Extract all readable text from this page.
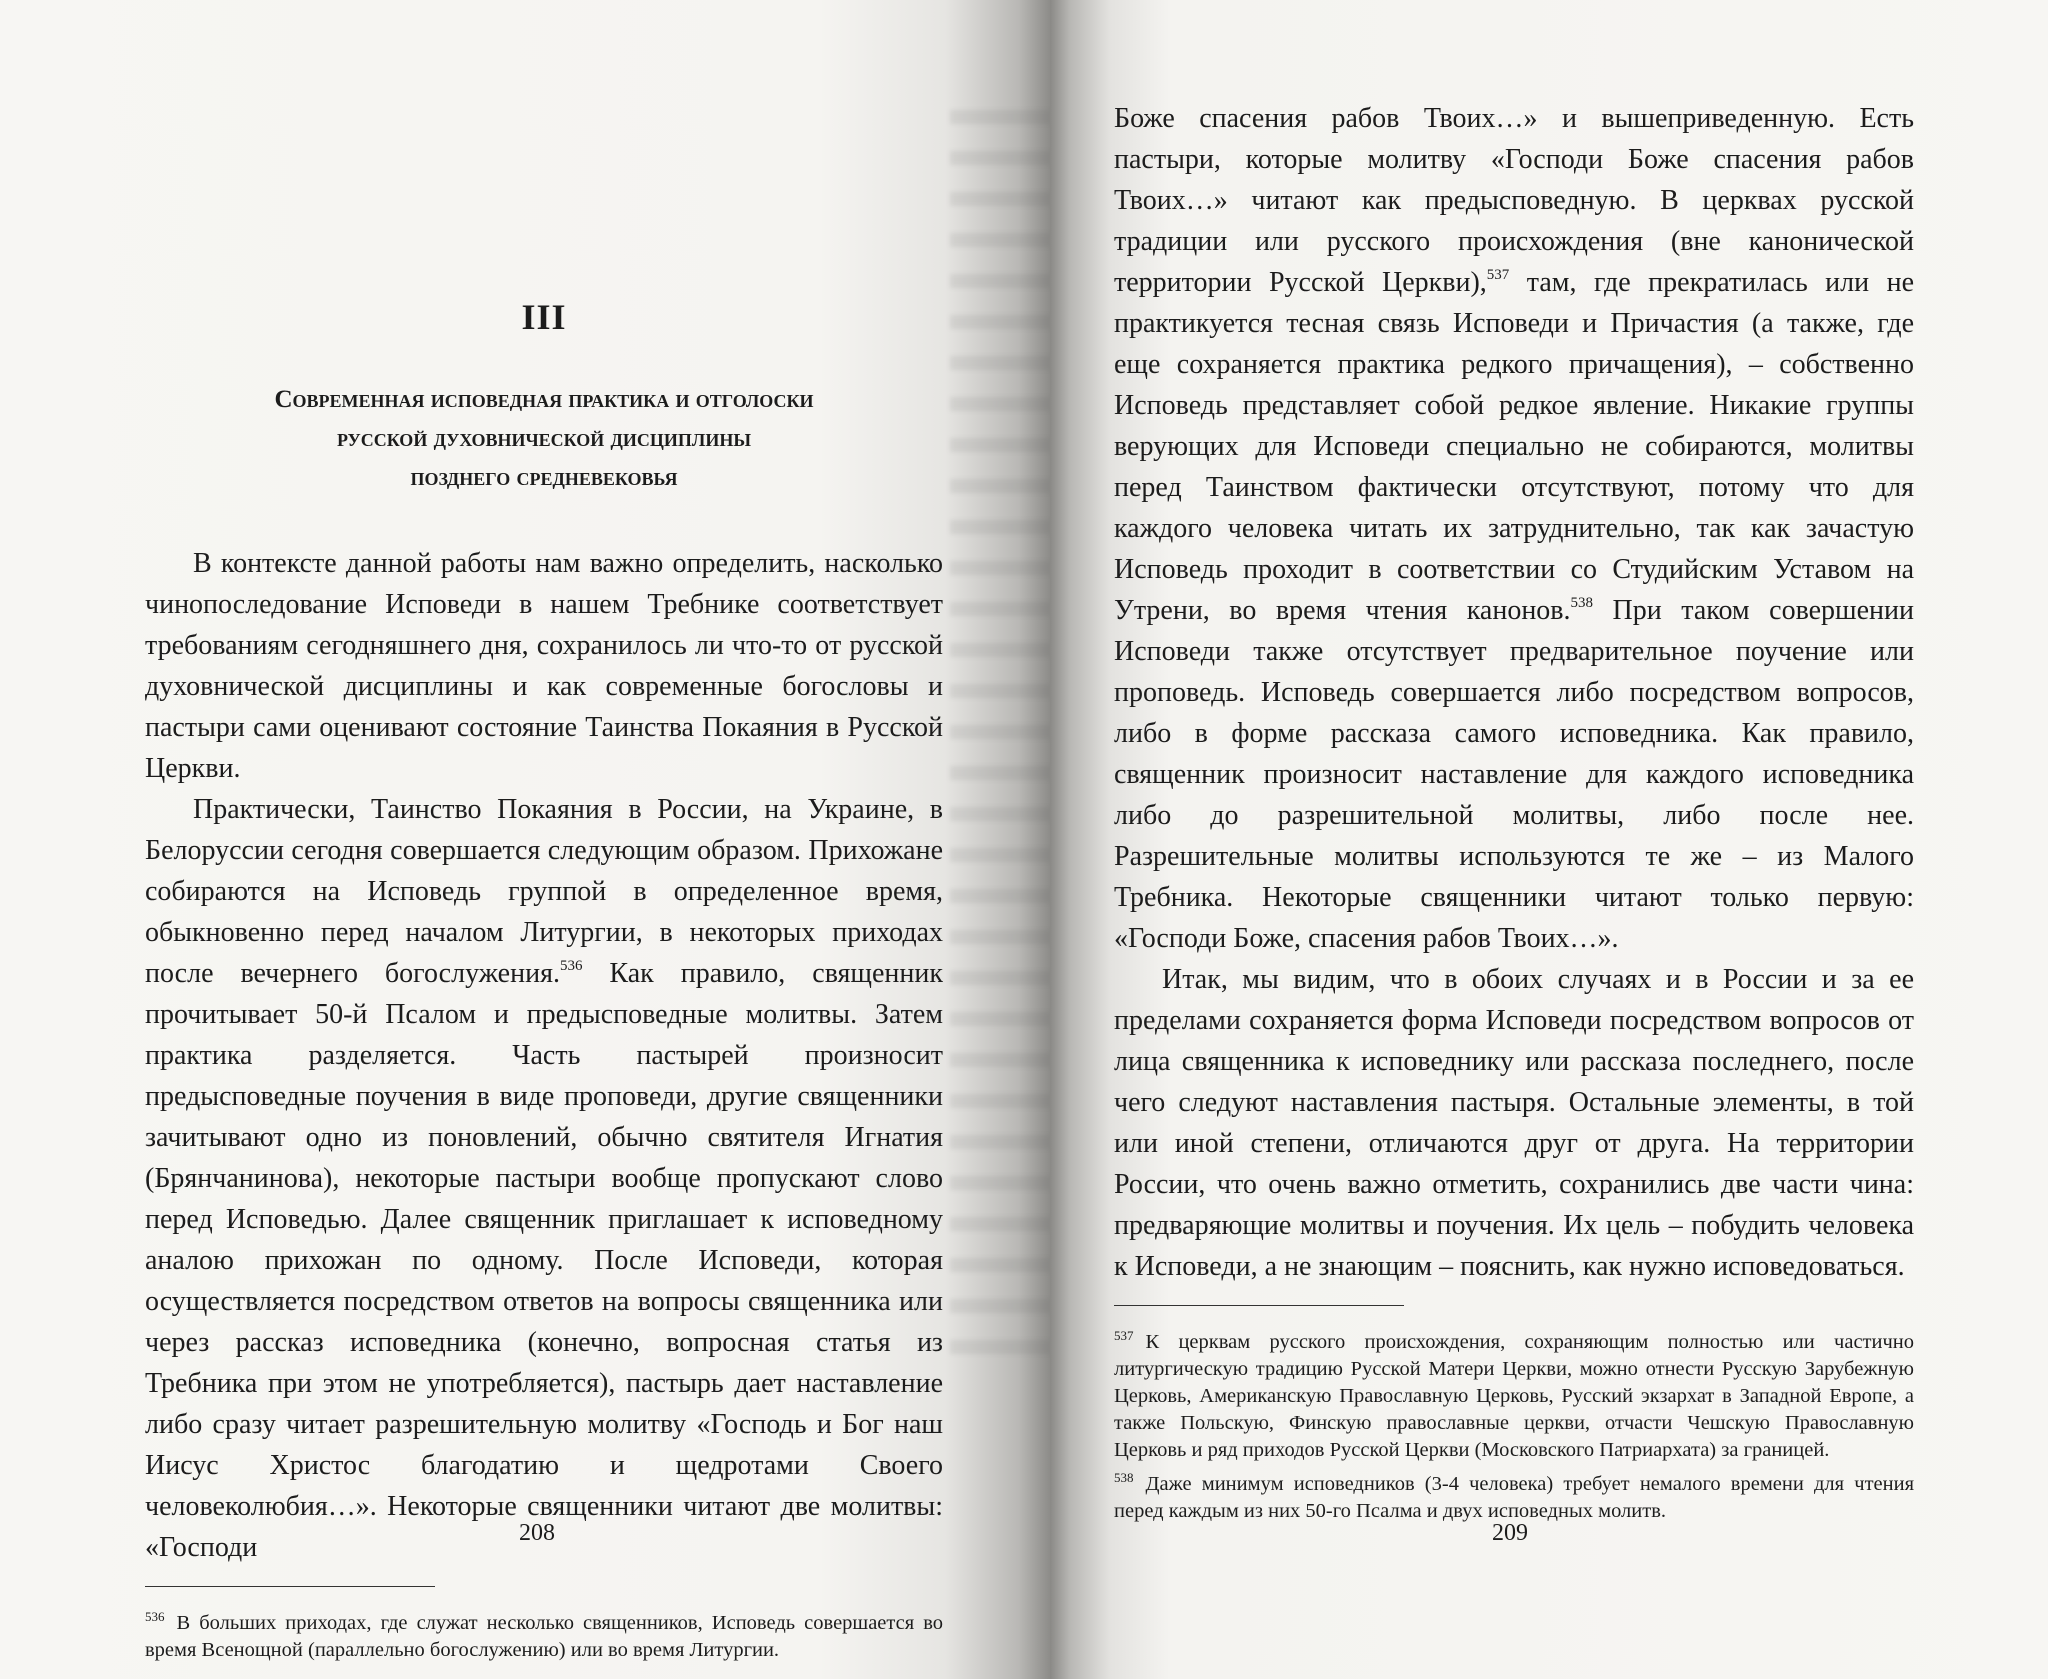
III
Современная исповедная практика и отголоски
русской духовнической дисциплины
позднего средневековья

В контексте данной работы нам важно определить, насколько чинопоследование Исповеди в нашем Требнике соответствует требованиям сегодняшнего дня, сохранилось ли что-то от русской духовнической дисциплины и как современные богословы и пастыри сами оценивают состояние Таинства Покаяния в Русской Церкви.

Практически, Таинство Покаяния в России, на Украине, в Белоруссии сегодня совершается следующим образом. Прихожане собираются на Исповедь группой в определенное время, обыкновенно перед началом Литургии, в некоторых приходах после вечернего богослужения.$^{536}$ Как правило, священник прочитывает 50-й Псалом и предысповедные молитвы. Затем практика разделяется. Часть пастырей произносит предысповедные поучения в виде проповеди, другие священники зачитывают одно из поновлений, обычно святителя Игнатия (Брянчанинова), некоторые пастыри вообще пропускают слово перед Исповедью. Далее священник приглашает к исповедному аналою прихожан по одному. После Исповеди, которая осуществляется посредством ответов на вопросы священника или через рассказ исповедника (конечно, вопросная статья из Требника при этом не употребляется), пастырь дает наставление либо сразу читает разрешительную молитву «Господь и Бог наш Иисус Христос благодатию и щедротами Своего человеколюбия…». Некоторые священники читают две молитвы: «Господи

$^{536}$ В больших приходах, где служат несколько священников, Исповедь совершается во время Всенощной (параллельно богослужению) или во время Литургии.

208

Боже спасения рабов Твоих…» и вышеприведенную. Есть пастыри, которые молитву «Господи Боже спасения рабов Твоих…» читают как предысповедную. В церквах русской традиции или русского происхождения (вне канонической территории Русской Церкви),$^{537}$ там, где прекратилась или не практикуется тесная связь Исповеди и Причастия (а также, где еще сохраняется практика редкого причащения), – собственно Исповедь представляет собой редкое явление. Никакие группы верующих для Исповеди специально не собираются, молитвы перед Таинством фактически отсутствуют, потому что для каждого человека читать их затруднительно, так как зачастую Исповедь проходит в соответствии со Студийским Уставом на Утрени, во время чтения канонов.$^{538}$ При таком совершении Исповеди также отсутствует предварительное поучение или проповедь. Исповедь совершается либо посредством вопросов, либо в форме рассказа самого исповедника. Как правило, священник произносит наставление для каждого исповедника либо до разрешительной молитвы, либо после нее. Разрешительные молитвы используются те же – из Малого Требника. Некоторые священники читают только первую: «Господи Боже, спасения рабов Твоих…».

Итак, мы видим, что в обоих случаях и в России и за ее пределами сохраняется форма Исповеди посредством вопросов от лица священника к исповеднику или рассказа последнего, после чего следуют наставления пастыря. Остальные элементы, в той или иной степени, отличаются друг от друга. На территории России, что очень важно отметить, сохранились две части чина: предваряющие молитвы и поучения. Их цель – побудить человека к Исповеди, а не знающим – пояснить, как нужно исповедоваться.

$^{537}$ К церквам русского происхождения, сохраняющим полностью или частично литургическую традицию Русской Матери Церкви, можно отнести Русскую Зарубежную Церковь, Американскую Православную Церковь, Русский экзархат в Западной Европе, а также Польскую, Финскую православные церкви, отчасти Чешскую Православную Церковь и ряд приходов Русской Церкви (Московского Патриархата) за границей.

$^{538}$ Даже минимум исповедников (3-4 человека) требует немалого времени для чтения перед каждым из них 50-го Псалма и двух исповедных молитв.

209
